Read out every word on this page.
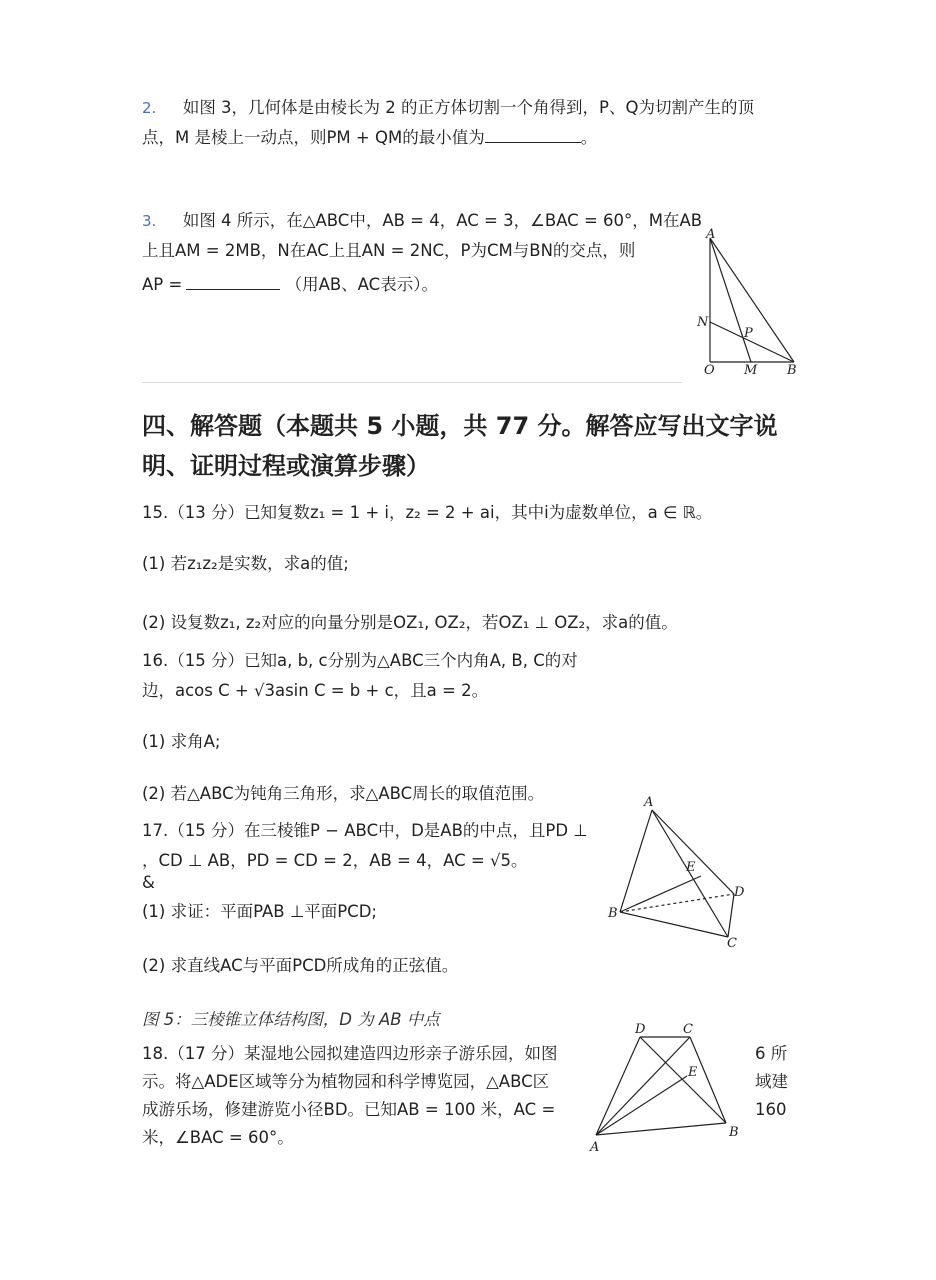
2. 如图 3，几何体是由棱长为 2 的正方体切割一个角得到，P、Q为切割产生的顶
点，M 是棱上一动点，则PM + QM的最小值为	。
3. 如图 4 所示，在△ABC中，AB = 4，AC = 3，∠BAC = 60°，M在AB
上且AM = 2MB，N在AC上且AN = 2NC，P为CM与BN的交点，则
AP =	（用AB、AC表示）。
A
N
P
O M B
四、解答题（本题共 5 小题，共 77 分。解答应写出文字说
明、证明过程或演算步骤）
15.（13 分）已知复数z₁ = 1 + i，z₂ = 2 + ai，其中i为虚数单位，a ∈ ℝ。
(1) 若z₁z₂是实数，求a的值;
(2) 设复数z₁, z₂对应的向量分别是OZ₁, OZ₂，若OZ₁ ⊥ OZ₂，求a的值。
16.（15 分）已知a, b, c分别为△ABC三个内角A, B, C的对
边，acos C + √3asin C = b + c，且a = 2。
(1) 求角A;
(2) 若△ABC为钝角三角形，求△ABC周长的取值范围。
17.（15 分）在三棱锥P − ABC中，D是AB的中点，且PD ⊥
，CD ⊥ AB，PD = CD = 2，AB = 4，AC = √5。
&
(1) 求证：平面PAB ⊥平面PCD;
(2) 求直线AC与平面PCD所成角的正弦值。
A
E
D
B
C
图 5：三棱锥立体结构图，D 为 AB 中点
18.（17 分）某湿地公园拟建造四边形亲子游乐园，如图
示。将△ADE区域等分为植物园和科学博览园，△ABC区
成游乐场，修建游览小径BD。已知AB = 100 米，AC =
米，∠BAC = 60°。
D	C
E
A
B
6 所
域建
160
